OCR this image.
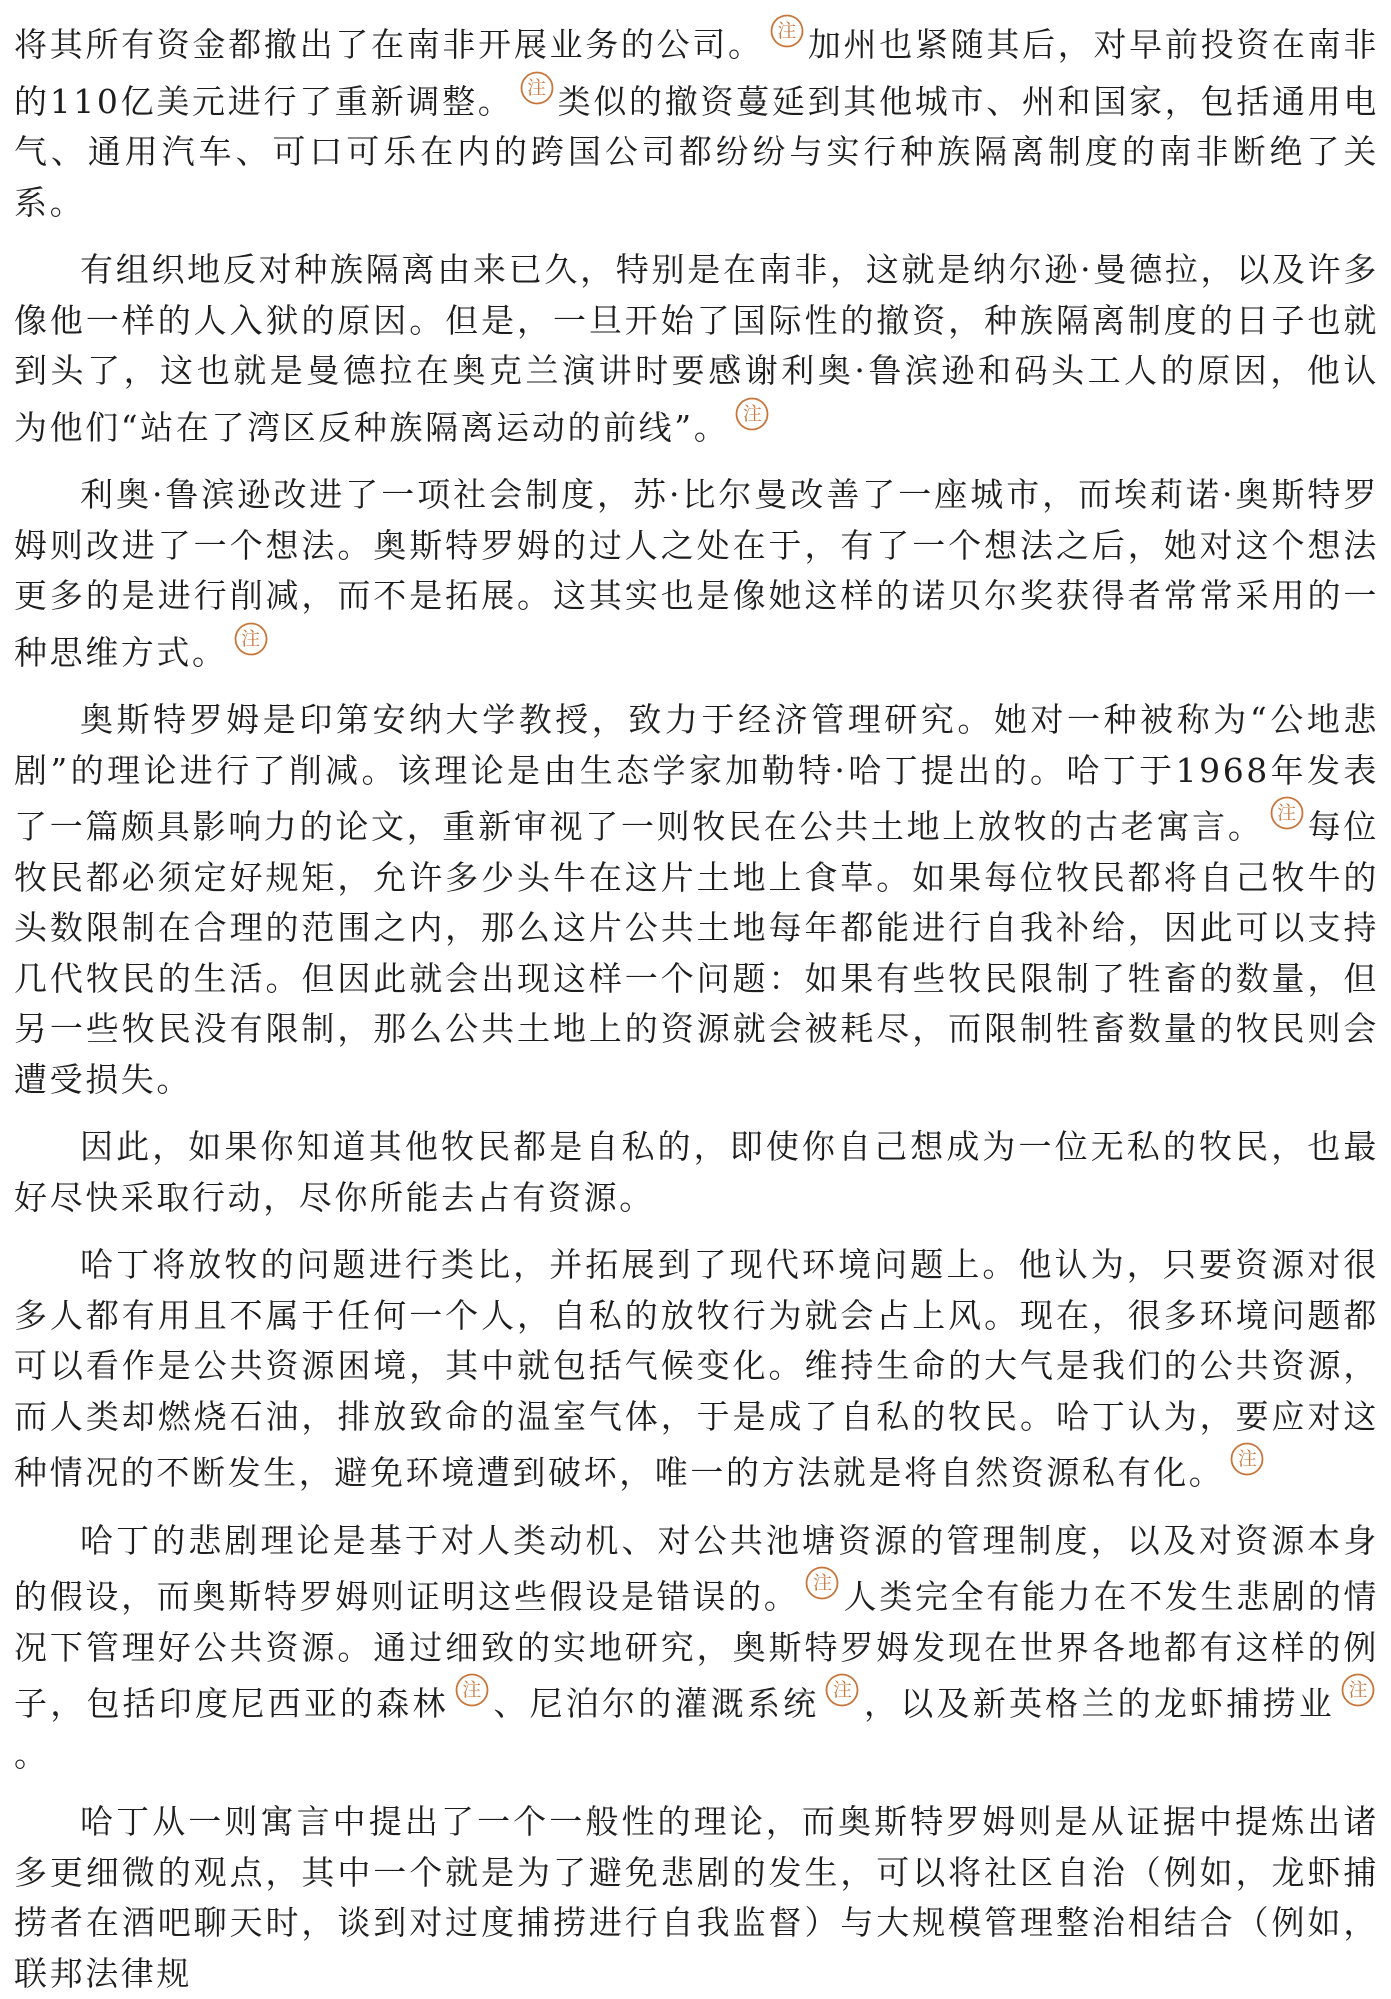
将其所有资金都撤出了在南非开展业务的公司。 注 加州也紧随其后，对早前投资在南非的110亿美元进行了重新调整。 注 类似的撤资蔓延到其他城市、州和国家，包括通用电气、通用汽车、可口可乐在内的跨国公司都纷纷与实行种族隔离制度的南非断绝了关系。

有组织地反对种族隔离由来已久，特别是在南非，这就是纳尔逊·曼德拉，以及许多像他一样的人入狱的原因。但是，一旦开始了国际性的撤资，种族隔离制度的日子也就到头了，这也就是曼德拉在奥克兰演讲时要感谢利奥·鲁滨逊和码头工人的原因，他认为他们“站在了湾区反种族隔离运动的前线”。 注

利奥·鲁滨逊改进了一项社会制度，苏·比尔曼改善了一座城市，而埃莉诺·奥斯特罗姆则改进了一个想法。奥斯特罗姆的过人之处在于，有了一个想法之后，她对这个想法更多的是进行削减，而不是拓展。这其实也是像她这样的诺贝尔奖获得者常常采用的一种思维方式。 注

奥斯特罗姆是印第安纳大学教授，致力于经济管理研究。她对一种被称为“公地悲剧”的理论进行了削减。该理论是由生态学家加勒特·哈丁提出的。哈丁于1968年发表了一篇颇具影响力的论文，重新审视了一则牧民在公共土地上放牧的古老寓言。 注 每位牧民都必须定好规矩，允许多少头牛在这片土地上食草。如果每位牧民都将自己牧牛的头数限制在合理的范围之内，那么这片公共土地每年都能进行自我补给，因此可以支持几代牧民的生活。但因此就会出现这样一个问题：如果有些牧民限制了牲畜的数量，但另一些牧民没有限制，那么公共土地上的资源就会被耗尽，而限制牲畜数量的牧民则会遭受损失。

因此，如果你知道其他牧民都是自私的，即使你自己想成为一位无私的牧民，也最好尽快采取行动，尽你所能去占有资源。

哈丁将放牧的问题进行类比，并拓展到了现代环境问题上。他认为，只要资源对很多人都有用且不属于任何一个人，自私的放牧行为就会占上风。现在，很多环境问题都可以看作是公共资源困境，其中就包括气候变化。维持生命的大气是我们的公共资源，而人类却燃烧石油，排放致命的温室气体，于是成了自私的牧民。哈丁认为，要应对这种情况的不断发生，避免环境遭到破坏，唯一的方法就是将自然资源私有化。 注

哈丁的悲剧理论是基于对人类动机、对公共池塘资源的管理制度，以及对资源本身的假设，而奥斯特罗姆则证明这些假设是错误的。 注 人类完全有能力在不发生悲剧的情况下管理好公共资源。通过细致的实地研究，奥斯特罗姆发现在世界各地都有这样的例子，包括印度尼西亚的森林 注 、尼泊尔的灌溉系统 注 ，以及新英格兰的龙虾捕捞业 注
。

哈丁从一则寓言中提出了一个一般性的理论，而奥斯特罗姆则是从证据中提炼出诸多更细微的观点，其中一个就是为了避免悲剧的发生，可以将社区自治（例如，龙虾捕捞者在酒吧聊天时，谈到对过度捕捞进行自我监督）与大规模管理整治相结合（例如，联邦法律规
